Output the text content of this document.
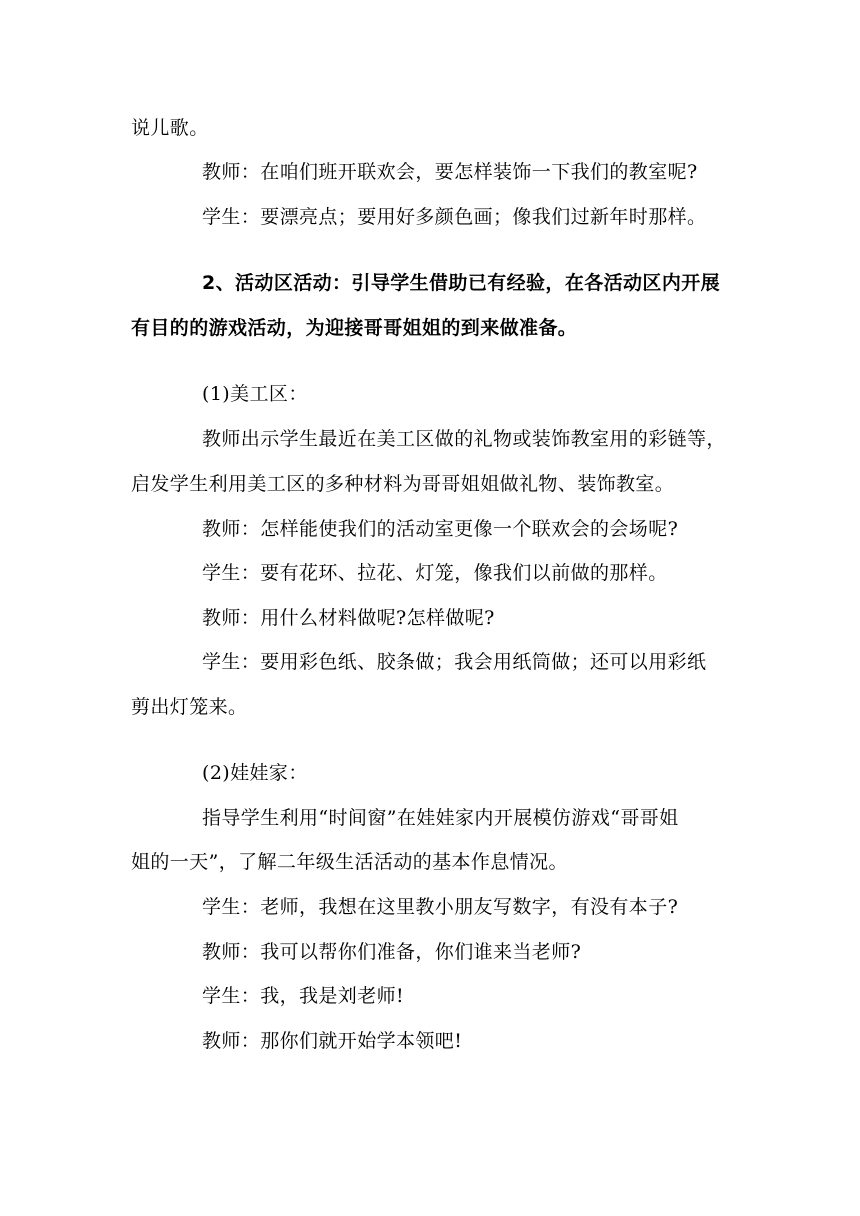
说儿歌。
教师：在咱们班开联欢会，要怎样装饰一下我们的教室呢?
学生：要漂亮点；要用好多颜色画；像我们过新年时那样。
2、活动区活动：引导学生借助已有经验，在各活动区内开展
有目的的游戏活动，为迎接哥哥姐姐的到来做准备。
(1)美工区：
教师出示学生最近在美工区做的礼物或装饰教室用的彩链等，
启发学生利用美工区的多种材料为哥哥姐姐做礼物、装饰教室。
教师：怎样能使我们的活动室更像一个联欢会的会场呢?
学生：要有花环、拉花、灯笼，像我们以前做的那样。
教师：用什么材料做呢?怎样做呢?
学生：要用彩色纸、胶条做；我会用纸筒做；还可以用彩纸
剪出灯笼来。
(2)娃娃家：
指导学生利用“时间窗”在娃娃家内开展模仿游戏“哥哥姐
姐的一天”，了解二年级生活活动的基本作息情况。
学生：老师，我想在这里教小朋友写数字，有没有本子?
教师：我可以帮你们准备，你们谁来当老师?
学生：我，我是刘老师!
教师：那你们就开始学本领吧!
